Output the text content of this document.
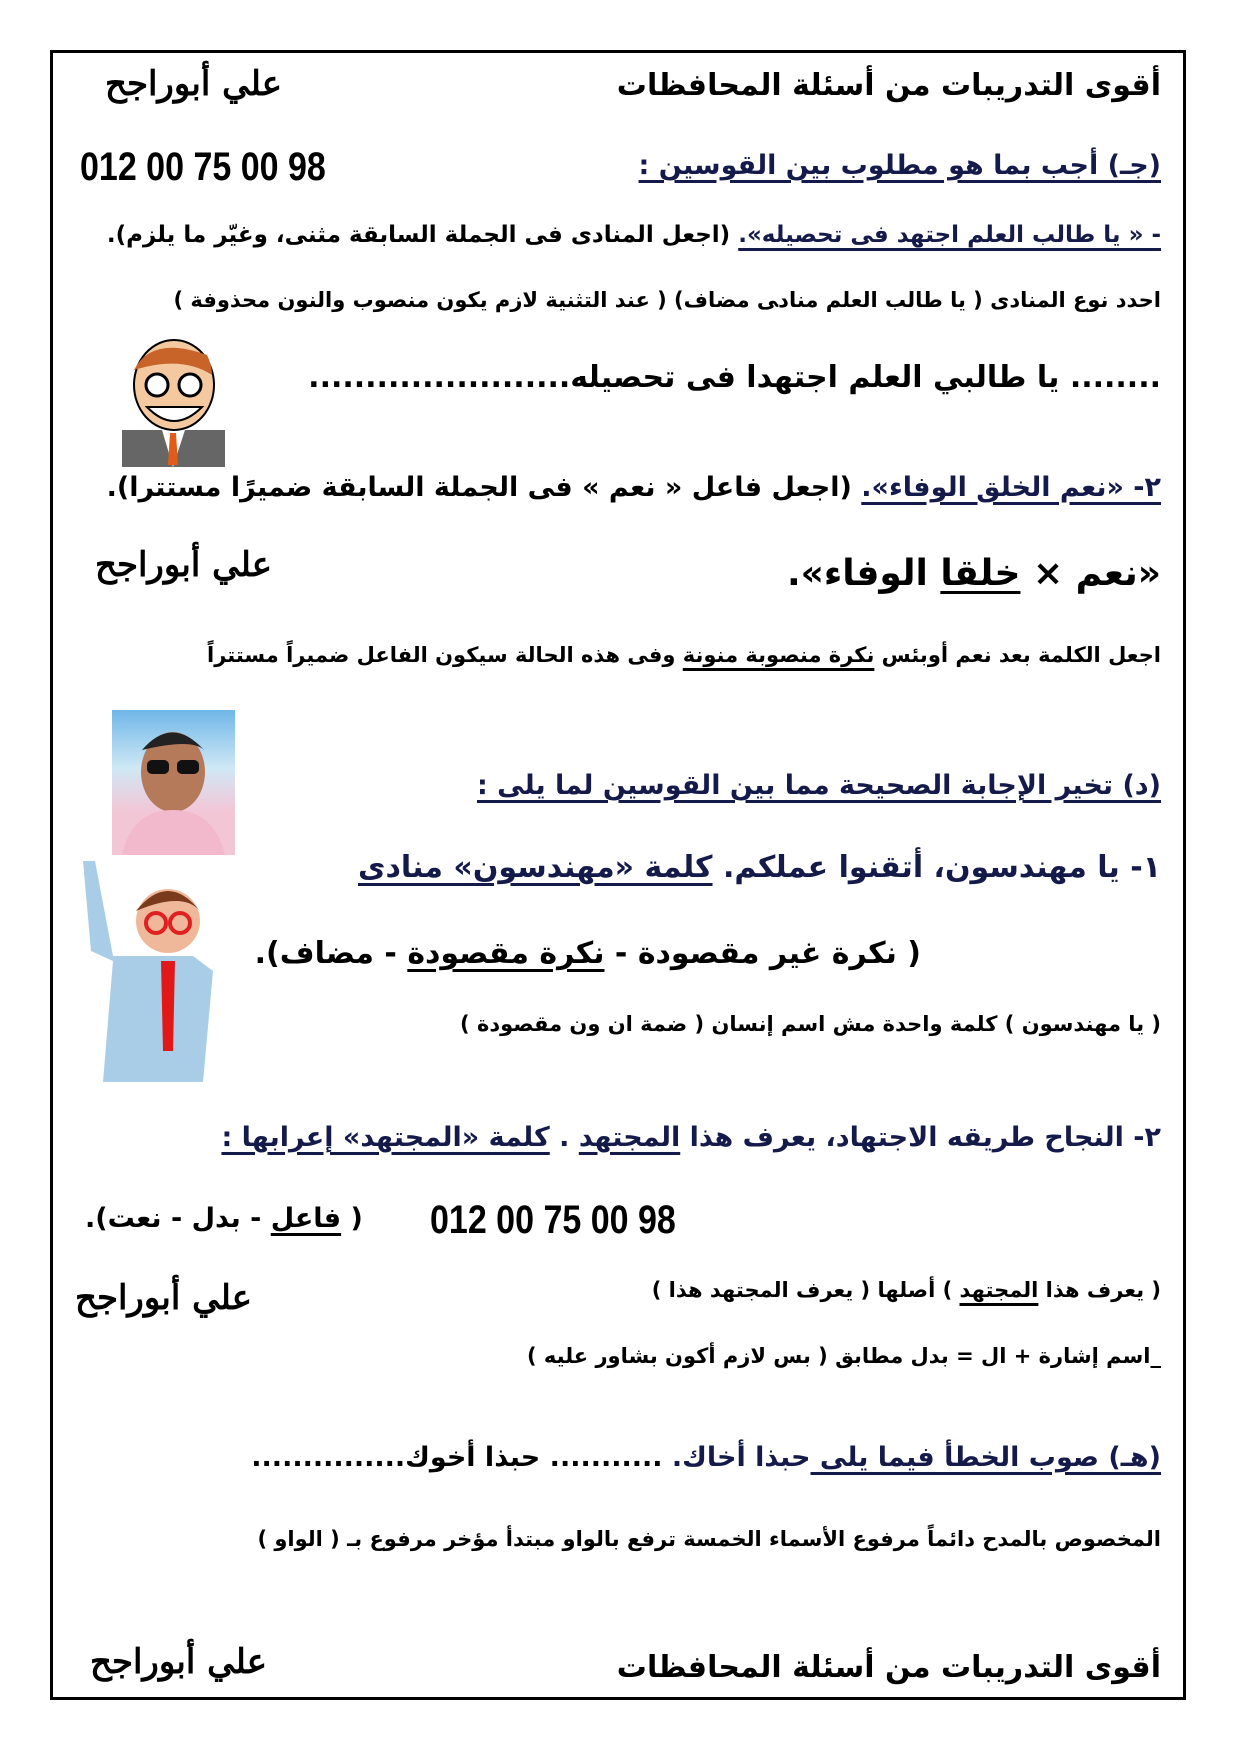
أقوى التدريبات من أسئلة المحافظات
علي أبوراجح
(جـ) أجب بما هو مطلوب بين القوسين :
012 00 75 00 98
- « يا طالب العلم اجتهد فى تحصيله». (اجعل المنادى فى الجملة السابقة مثنى، وغيّر ما يلزم).
احدد نوع المنادى ( يا طالب العلم مناد‍ى مضاف) ( عند التثنية لازم يكون منصوب والنون محذوفة )
........ يا طالبي العلم اجتهدا فى تحصيله.......................
٢- «نعم الخلق الوفاء». (اجعل فاعل « نعم » فى الجملة السابقة ضميرًا مستترا).
«نعم × خلقا الوفاء».
علي أبوراجح
اجعل الكلمة بعد نعم أوبئس نكرة منصوبة منونة وفى هذه الحالة سيكون الفاعل ضميراً مستتراً
(د) تخير الإجابة الصحيحة مما بين القوسين لما يلى :
١- يا مهندسون، أتقنوا عملكم. كلمة «مهندسون» منادى
( نكرة غير مقصودة - نكرة مقصودة - مضاف).
( يا مهندسون ) كلمة واحدة مش اسم إنسان ( ضمة ان ون مقصودة )
٢- النجاح طريقه الاجتهاد، يعرف هذا المجتهد . كلمة «المجتهد» إعرابها :
( فاعل - بدل - نعت).	012 00 75 00 98
( يعرف هذا المجتهد ) أصلها ( يعرف المجتهد هذا )
علي أبوراجح
_اسم إشارة + ال = بدل مطابق ( بس لازم أكون بشاور عليه )
(هـ) صوب الخطأ فيما يلى حبذا أخاك. ........... حبذا أخوك...............
المخصوص بالمدح دائماً مرفوع الأسماء الخمسة ترفع بالواو مبتدأ مؤخر مرفوع بـ ( الواو )
أقوى التدريبات من أسئلة المحافظات
علي أبوراجح
